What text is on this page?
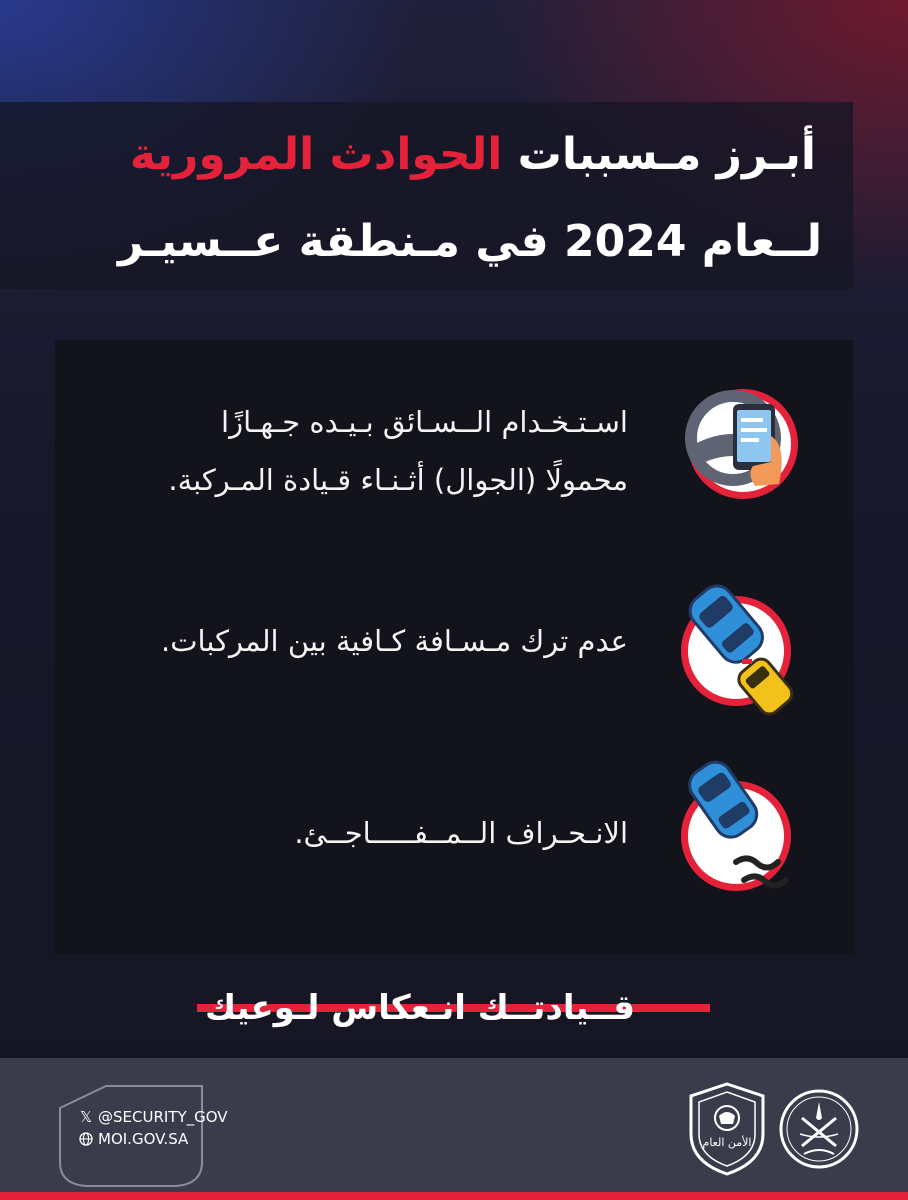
أبـرز مـسببات الحوادث المرورية
لــعام 2024 في مـنطقة عــسيـر
اسـتـخـدام الــسـائق بـيـده جـهـازًا
محمولًا (الجوال) أثـنـاء قـيادة المـركبة.
عدم ترك مـسـافة كـافية بين المركبات.
الانـحـراف الــمــفـــــاجــئ.
قــيادتــك انـعكاس لـوعيك
𝕏 @SECURITY_GOV
MOI.GOV.SA	الأمن العام
